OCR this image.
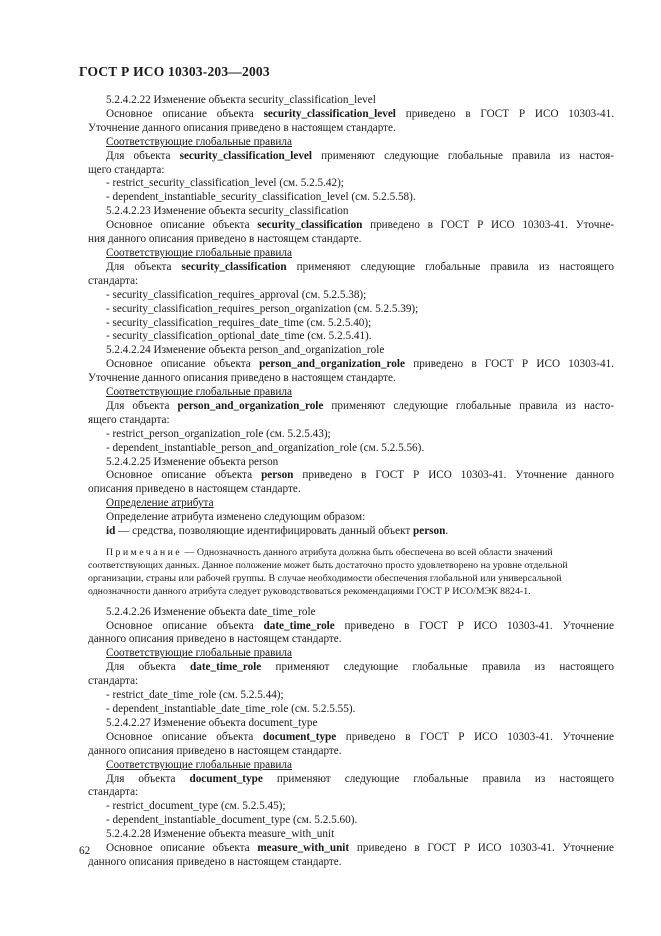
ГОСТ Р ИСО 10303-203—2003
5.2.4.2.22 Изменение объекта security_classification_level
Основное описание объекта security_classification_level приведено в ГОСТ Р ИСО 10303-41.
Уточнение данного описания приведено в настоящем стандарте.
Соответствующие глобальные правила
Для объекта security_classification_level применяют следующие глобальные правила из настоя-
щего стандарта:
- restrict_security_classification_level (см. 5.2.5.42);
- dependent_instantiable_security_classification_level (см. 5.2.5.58).
5.2.4.2.23 Изменение объекта security_classification
Основное описание объекта security_classification приведено в ГОСТ Р ИСО 10303-41. Уточне-
ния данного описания приведено в настоящем стандарте.
Соответствующие глобальные правила
Для объекта security_classification применяют следующие глобальные правила из настоящего
стандарта:
- security_classification_requires_approval (см. 5.2.5.38);
- security_classification_requires_person_organization (см. 5.2.5.39);
- security_classification_requires_date_time (см. 5.2.5.40);
- security_classification_optional_date_time (см. 5.2.5.41).
5.2.4.2.24 Изменение объекта person_and_organization_role
Основное описание объекта person_and_organization_role приведено в ГОСТ Р ИСО 10303-41.
Уточнение данного описания приведено в настоящем стандарте.
Соответствующие глобальные правила
Для объекта person_and_organization_role применяют следующие глобальные правила из насто-
ящего стандарта:
- restrict_person_organization_role (см. 5.2.5.43);
- dependent_instantiable_person_and_organization_role (см. 5.2.5.56).
5.2.4.2.25 Изменение объекта person
Основное описание объекта person приведено в ГОСТ Р ИСО 10303-41. Уточнение данного
описания приведено в настоящем стандарте.
Определение атрибута
Определение атрибута изменено следующим образом:
id — средства, позволяющие идентифицировать данный объект person.
Примечание — Однозначность данного атрибута должна быть обеспечена во всей области значений
соответствующих данных. Данное положение может быть достаточно просто удовлетворено на уровне отдельной
организации, страны или рабочей группы. В случае необходимости обеспечения глобальной или универсальной
однозначности данного атрибута следует руководствоваться рекомендациями ГОСТ Р ИСО/МЭК 8824-1.
5.2.4.2.26 Изменение объекта date_time_role
Основное описание объекта date_time_role приведено в ГОСТ Р ИСО 10303-41. Уточнение
данного описания приведено в настоящем стандарте.
Соответствующие глобальные правила
Для объекта date_time_role применяют следующие глобальные правила из настоящего
стандарта:
- restrict_date_time_role (см. 5.2.5.44);
- dependent_instantiable_date_time_role (см. 5.2.5.55).
5.2.4.2.27 Изменение объекта document_type
Основное описание объекта document_type приведено в ГОСТ Р ИСО 10303-41. Уточнение
данного описания приведено в настоящем стандарте.
Соответствующие глобальные правила
Для объекта document_type применяют следующие глобальные правила из настоящего
стандарта:
- restrict_document_type (см. 5.2.5.45);
- dependent_instantiable_document_type (см. 5.2.5.60).
5.2.4.2.28 Изменение объекта measure_with_unit
Основное описание объекта measure_with_unit приведено в ГОСТ Р ИСО 10303-41. Уточнение
данного описания приведено в настоящем стандарте.
62
